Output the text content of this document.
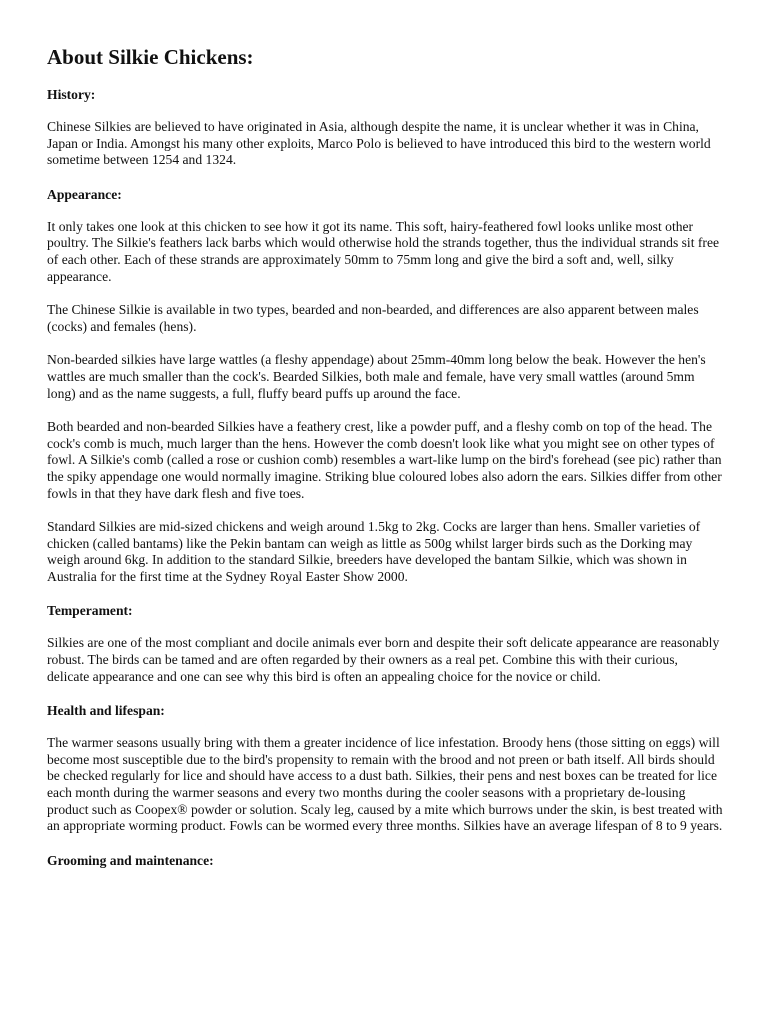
About Silkie Chickens:
History:

Chinese Silkies are believed to have originated in Asia, although despite the name, it is unclear whether it was in China, Japan or India. Amongst his many other exploits, Marco Polo is believed to have introduced this bird to the western world sometime between 1254 and 1324.

Appearance:

It only takes one look at this chicken to see how it got its name. This soft, hairy-feathered fowl looks unlike most other poultry. The Silkie's feathers lack barbs which would otherwise hold the strands together, thus the individual strands sit free of each other. Each of these strands are approximately 50mm to 75mm long and give the bird a soft and, well, silky appearance.

The Chinese Silkie is available in two types, bearded and non-bearded, and differences are also apparent between males (cocks) and females (hens).

Non-bearded silkies have large wattles (a fleshy appendage) about 25mm-40mm long below the beak. However the hen's wattles are much smaller than the cock's. Bearded Silkies, both male and female, have very small wattles (around 5mm long) and as the name suggests, a full, fluffy beard puffs up around the face.

Both bearded and non-bearded Silkies have a feathery crest, like a powder puff, and a fleshy comb on top of the head. The cock's comb is much, much larger than the hens. However the comb doesn't look like what you might see on other types of fowl. A Silkie's comb (called a rose or cushion comb) resembles a wart-like lump on the bird's forehead (see pic) rather than the spiky appendage one would normally imagine. Striking blue coloured lobes also adorn the ears. Silkies differ from other fowls in that they have dark flesh and five toes.

Standard Silkies are mid-sized chickens and weigh around 1.5kg to 2kg. Cocks are larger than hens. Smaller varieties of chicken (called bantams) like the Pekin bantam can weigh as little as 500g whilst larger birds such as the Dorking may weigh around 6kg. In addition to the standard Silkie, breeders have developed the bantam Silkie, which was shown in Australia for the first time at the Sydney Royal Easter Show 2000.

Temperament:

Silkies are one of the most compliant and docile animals ever born and despite their soft delicate appearance are reasonably robust. The birds can be tamed and are often regarded by their owners as a real pet. Combine this with their curious, delicate appearance and one can see why this bird is often an appealing choice for the novice or child.

Health and lifespan:

The warmer seasons usually bring with them a greater incidence of lice infestation. Broody hens (those sitting on eggs) will become most susceptible due to the bird's propensity to remain with the brood and not preen or bath itself. All birds should be checked regularly for lice and should have access to a dust bath. Silkies, their pens and nest boxes can be treated for lice each month during the warmer seasons and every two months during the cooler seasons with a proprietary de-lousing product such as Coopex® powder or solution. Scaly leg, caused by a mite which burrows under the skin, is best treated with an appropriate worming product. Fowls can be wormed every three months. Silkies have an average lifespan of 8 to 9 years.

Grooming and maintenance:
